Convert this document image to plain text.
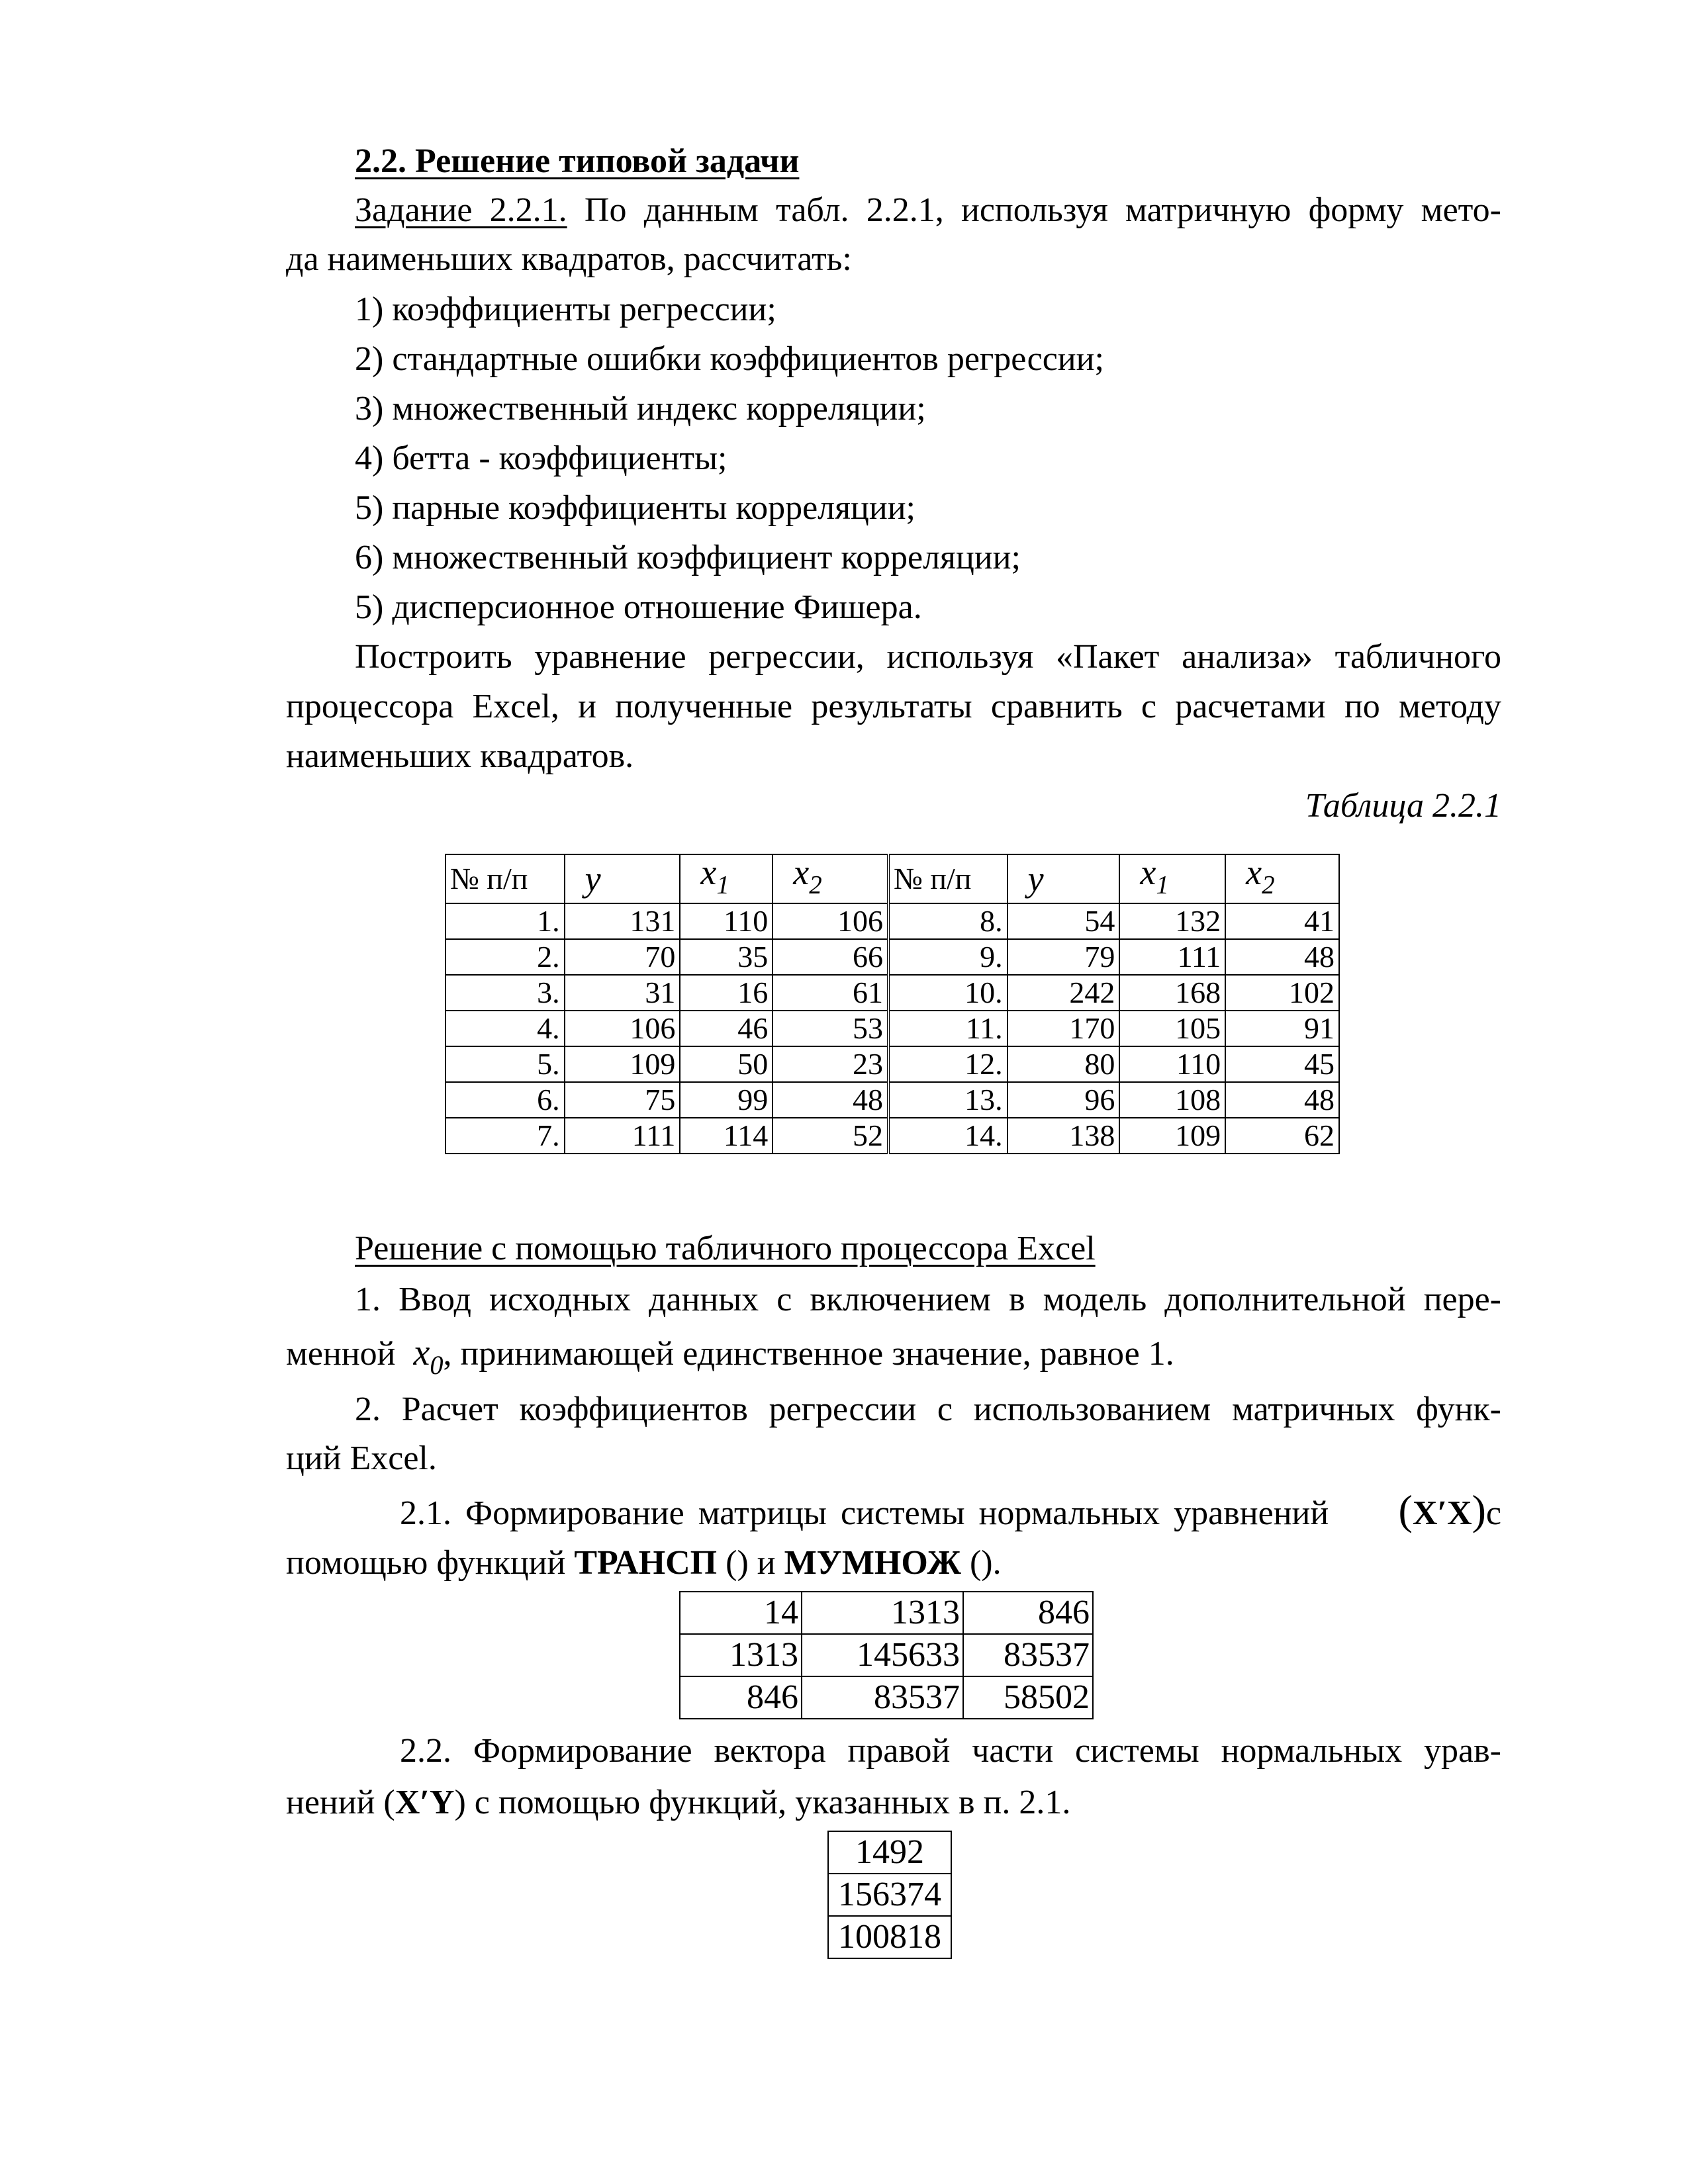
2.2. Решение типовой задачи
Задание 2.2.1. По данным табл. 2.2.1, используя матричную форму мето-
да наименьших квадратов, рассчитать:
1) коэффициенты регрессии;
2) стандартные ошибки коэффициентов регрессии;
3) множественный индекс корреляции;
4) бетта - коэффициенты;
5) парные коэффициенты корреляции;
6) множественный коэффициент корреляции;
5) дисперсионное отношение Фишера.
Построить уравнение регрессии, используя «Пакет анализа» табличного
процессора Excel, и полученные результаты сравнить с расчетами по методу
наименьших квадратов.
Таблица 2.2.1
№ п/п	y	$x_1$	$x_2$	№ п/п	y	$x_1$	$x_2$
1.	131	110	106	8.	54	132	41
2.	70	35	66	9.	79	111	48
3.	31	16	61	10.	242	168	102
4.	106	46	53	11.	170	105	91
5.	109	50	23	12.	80	110	45
6.	75	99	48	13.	96	108	48
7.	111	114	52	14.	138	109	62
Решение с помощью табличного процессора Excel
1. Ввод исходных данных с включением в модель дополнительной пере-
менной $x_0$, принимающей единственное значение, равное 1.
2. Расчет коэффициентов регрессии с использованием матричных функ-
ций Excel.
2.1. Формирование матрицы системы нормальных уравнений (X′X)с
помощью функций ТРАНСП () и МУМНОЖ ().
14	1313	846
1313	145633	83537
846	83537	58502
2.2. Формирование вектора правой части системы нормальных урав-
нений (X′Y) с помощью функций, указанных в п. 2.1.
1492
156374
100818
